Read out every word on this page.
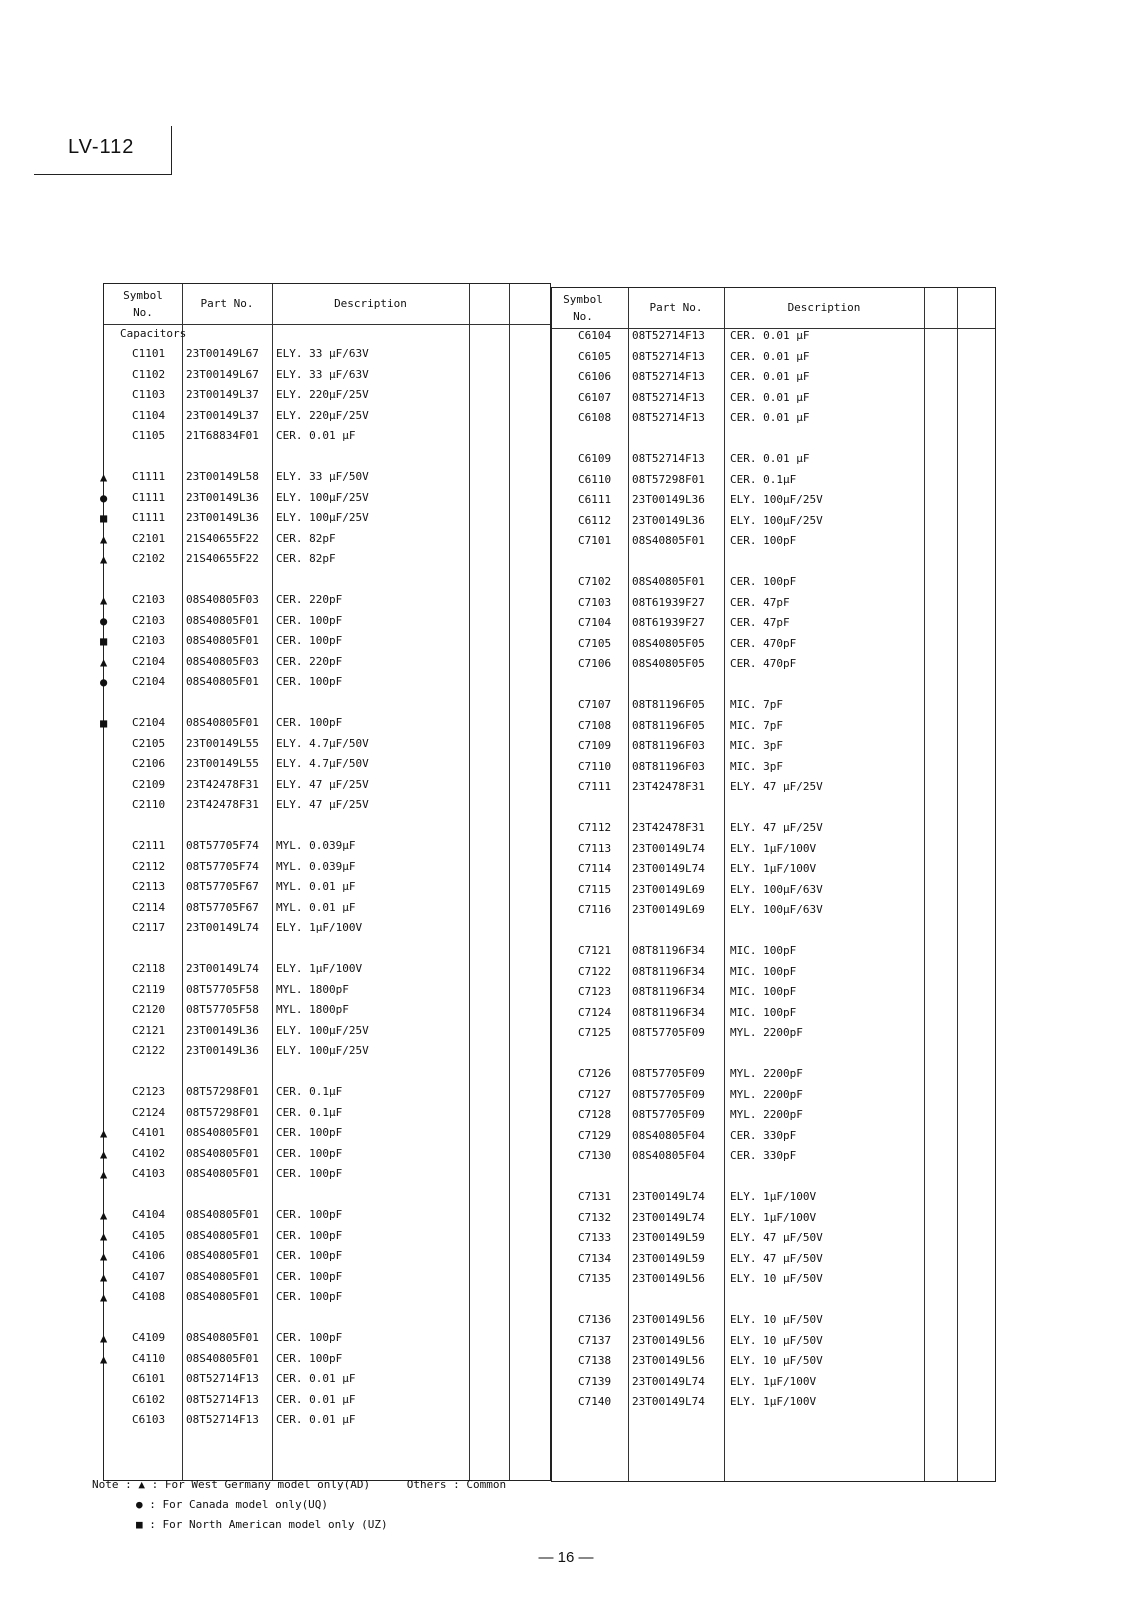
LV-112
Symbol
No.
Part No.	Description
Capacitors
C1101 23T00149L67 ELY. 33 μF/63V
C1102 23T00149L67 ELY. 33 μF/63V
C1103 23T00149L37 ELY. 220μF/25V
C1104 23T00149L37 ELY. 220μF/25V
C1105 21T68834F01 CER. 0.01 μF
▲ C1111 23T00149L58 ELY. 33 μF/50V
● C1111 23T00149L36 ELY. 100μF/25V
■ C1111 23T00149L36 ELY. 100μF/25V
▲ C2101 21S40655F22 CER. 82pF
▲ C2102 21S40655F22 CER. 82pF
▲ C2103 08S40805F03 CER. 220pF
● C2103 08S40805F01 CER. 100pF
■ C2103 08S40805F01 CER. 100pF
▲ C2104 08S40805F03 CER. 220pF
● C2104 08S40805F01 CER. 100pF
■ C2104 08S40805F01 CER. 100pF
C2105 23T00149L55 ELY. 4.7μF/50V
C2106 23T00149L55 ELY. 4.7μF/50V
C2109 23T42478F31 ELY. 47 μF/25V
C2110 23T42478F31 ELY. 47 μF/25V
C2111 08T57705F74 MYL. 0.039μF
C2112 08T57705F74 MYL. 0.039μF
C2113 08T57705F67 MYL. 0.01 μF
C2114 08T57705F67 MYL. 0.01 μF
C2117 23T00149L74 ELY. 1μF/100V
C2118 23T00149L74 ELY. 1μF/100V
C2119 08T57705F58 MYL. 1800pF
C2120 08T57705F58 MYL. 1800pF
C2121 23T00149L36 ELY. 100μF/25V
C2122 23T00149L36 ELY. 100μF/25V
C2123 08T57298F01 CER. 0.1μF
C2124 08T57298F01 CER. 0.1μF
▲ C4101 08S40805F01 CER. 100pF
▲ C4102 08S40805F01 CER. 100pF
▲ C4103 08S40805F01 CER. 100pF
▲ C4104 08S40805F01 CER. 100pF
▲ C4105 08S40805F01 CER. 100pF
▲ C4106 08S40805F01 CER. 100pF
▲ C4107 08S40805F01 CER. 100pF
▲ C4108 08S40805F01 CER. 100pF
▲ C4109 08S40805F01 CER. 100pF
▲ C4110 08S40805F01 CER. 100pF
C6101 08T52714F13 CER. 0.01 μF
C6102 08T52714F13 CER. 0.01 μF
C6103 08T52714F13 CER. 0.01 μF
Symbol
No.
Part No.	Description
C6104 08T52714F13 CER. 0.01 μF
C6105 08T52714F13 CER. 0.01 μF
C6106 08T52714F13 CER. 0.01 μF
C6107 08T52714F13 CER. 0.01 μF
C6108 08T52714F13 CER. 0.01 μF
C6109 08T52714F13 CER. 0.01 μF
C6110 08T57298F01 CER. 0.1μF
C6111 23T00149L36 ELY. 100μF/25V
C6112 23T00149L36 ELY. 100μF/25V
C7101 08S40805F01 CER. 100pF
C7102 08S40805F01 CER. 100pF
C7103 08T61939F27 CER. 47pF
C7104 08T61939F27 CER. 47pF
C7105 08S40805F05 CER. 470pF
C7106 08S40805F05 CER. 470pF
C7107 08T81196F05 MIC. 7pF
C7108 08T81196F05 MIC. 7pF
C7109 08T81196F03 MIC. 3pF
C7110 08T81196F03 MIC. 3pF
C7111 23T42478F31 ELY. 47 μF/25V
C7112 23T42478F31 ELY. 47 μF/25V
C7113 23T00149L74 ELY. 1μF/100V
C7114 23T00149L74 ELY. 1μF/100V
C7115 23T00149L69 ELY. 100μF/63V
C7116 23T00149L69 ELY. 100μF/63V
C7121 08T81196F34 MIC. 100pF
C7122 08T81196F34 MIC. 100pF
C7123 08T81196F34 MIC. 100pF
C7124 08T81196F34 MIC. 100pF
C7125 08T57705F09 MYL. 2200pF
C7126 08T57705F09 MYL. 2200pF
C7127 08T57705F09 MYL. 2200pF
C7128 08T57705F09 MYL. 2200pF
C7129 08S40805F04 CER. 330pF
C7130 08S40805F04 CER. 330pF
C7131 23T00149L74 ELY. 1μF/100V
C7132 23T00149L74 ELY. 1μF/100V
C7133 23T00149L59 ELY. 47 μF/50V
C7134 23T00149L59 ELY. 47 μF/50V
C7135 23T00149L56 ELY. 10 μF/50V
C7136 23T00149L56 ELY. 10 μF/50V
C7137 23T00149L56 ELY. 10 μF/50V
C7138 23T00149L56 ELY. 10 μF/50V
C7139 23T00149L74 ELY. 1μF/100V
C7140 23T00149L74 ELY. 1μF/100V
Note : ▲ : For West Germany model only(AD)	Others : Common
● : For Canada model only(UQ)
■ : For North American model only (UZ)
— 16 —
